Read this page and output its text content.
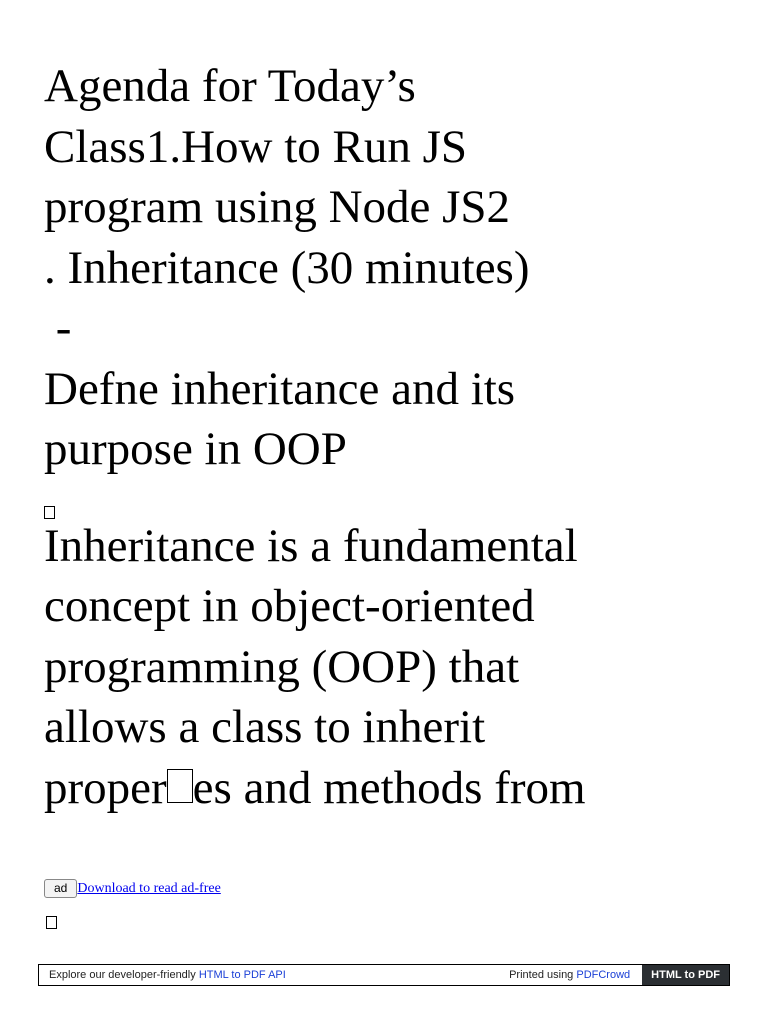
Agenda for Today’s
Class1.How to Run JS
program using Node JS2
. Inheritance (30 minutes)
-
Defne inheritance and its
purpose in OOP
Inheritance is a fundamental
concept in object-oriented
programming (OOP) that
allows a class to inherit
proper es and methods from
ad Download to read ad-free
Explore our developer-friendly HTML to PDF API	Printed using PDFCrowd	HTML to PDF
